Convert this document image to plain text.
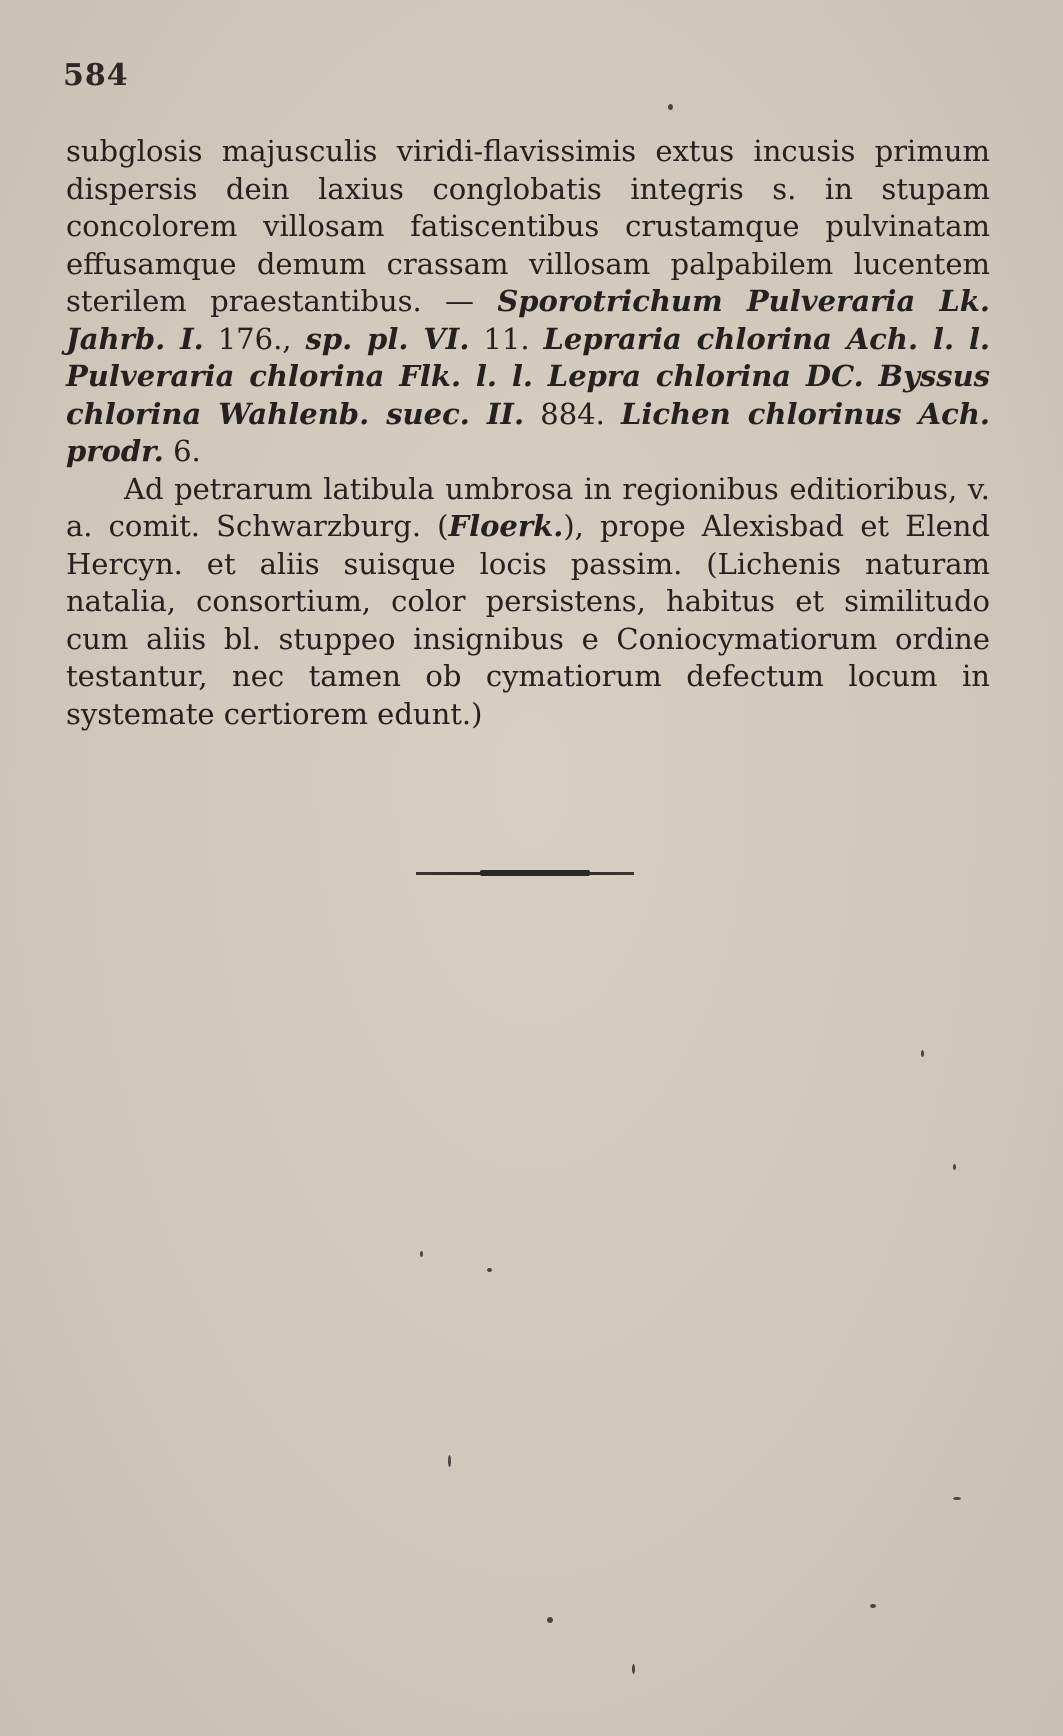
584

subglosis majusculis viridi-flavissimis extus incusis primum dispersis dein laxius conglobatis integris s. in stupam concolorem villosam fatiscentibus crustamque pulvinatam effusamque demum crassam villosam palpabilem lucentem sterilem praestantibus. — Sporotrichum Pulveraria Lk. Jahrb. I. 176., sp. pl. VI. 11. Lepraria chlorina Ach. l. l. Pulveraria chlorina Flk. l. l. Lepra chlorina DC. Byssus chlorina Wahlenb. suec. II. 884. Lichen chlorinus Ach. prodr. 6.

Ad petrarum latibula umbrosa in regionibus editioribus, v. a. comit. Schwarzburg. (Floerk.), prope Alexisbad et Elend Hercyn. et aliis suisque locis passim. (Lichenis naturam natalia, consortium, color persistens, habitus et similitudo cum aliis bl. stuppeo insignibus e Coniocymatiorum ordine testantur, nec tamen ob cymatiorum defectum locum in systemate certiorem edunt.)
